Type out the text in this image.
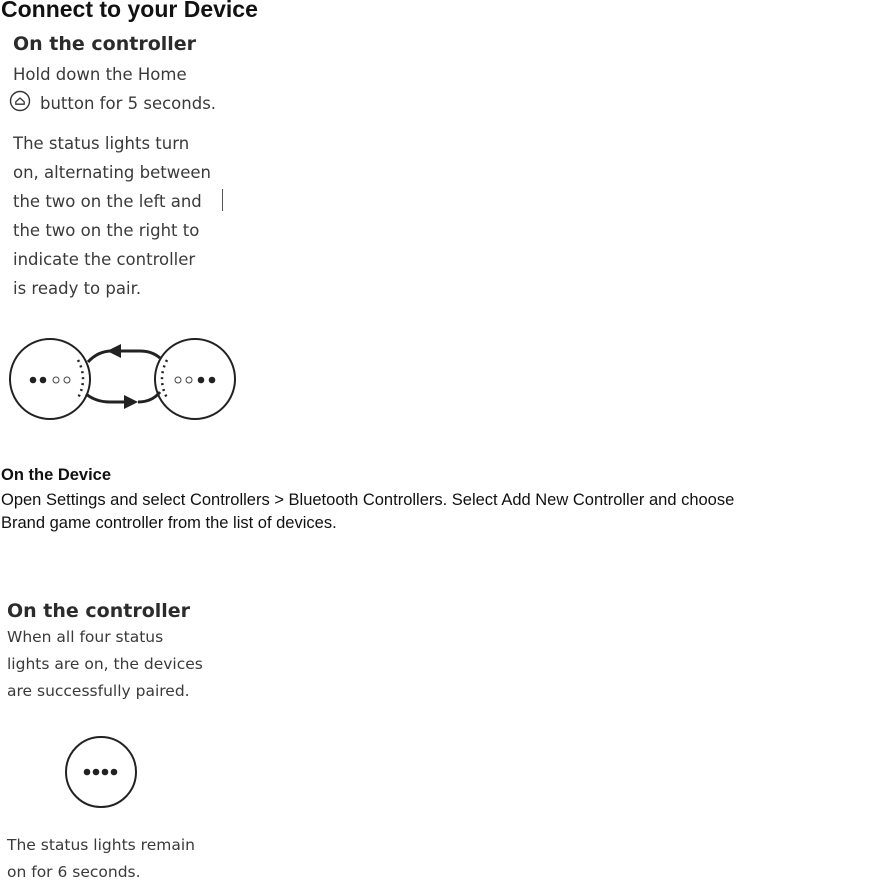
Connect to your Device
On the controller
Hold down the Home
button for 5 seconds.
The status lights turn
on, alternating between
the two on the left and
the two on the right to
indicate the controller
is ready to pair.
On the Device
Open Settings and select Controllers > Bluetooth Controllers. Select Add New Controller and choose
Brand game controller from the list of devices.
On the controller
When all four status
lights are on, the devices
are successfully paired.
The status lights remain
on for 6 seconds.
